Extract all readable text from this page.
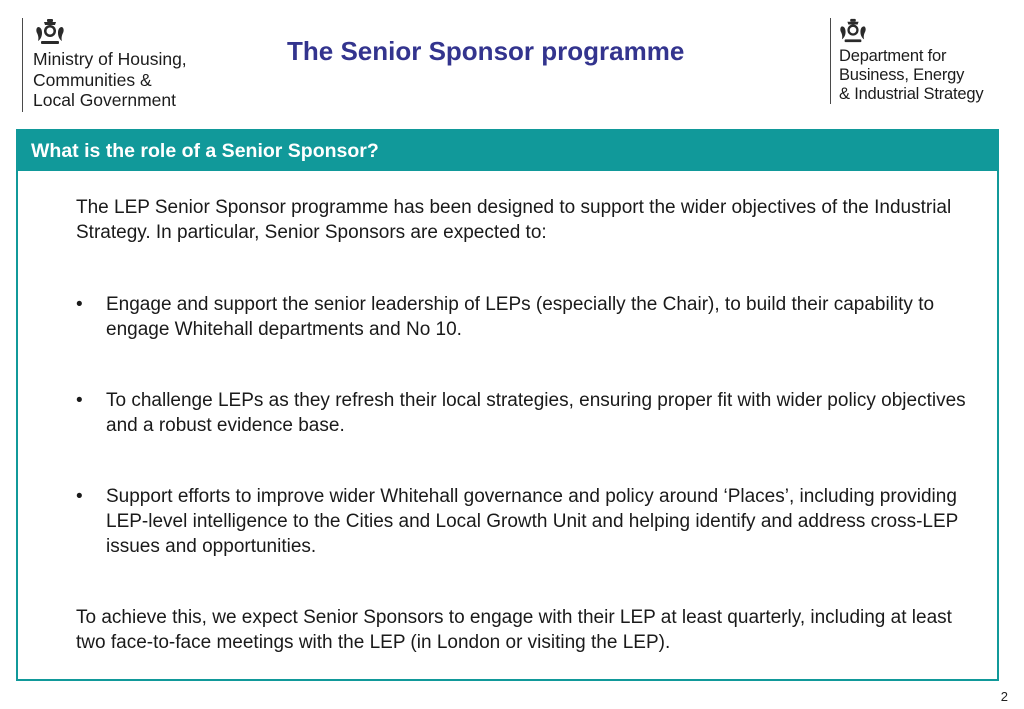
Ministry of Housing,
Communities &
Local Government
The Senior Sponsor programme	Department for
Business, Energy
& Industrial Strategy
What is the role of a Senior Sponsor?

The LEP Senior Sponsor programme has been designed to support the wider objectives of the Industrial Strategy. In particular, Senior Sponsors are expected to:

• Engage and support the senior leadership of LEPs (especially the Chair), to build their capability to engage Whitehall departments and No 10.
• To challenge LEPs as they refresh their local strategies, ensuring proper fit with wider policy objectives and a robust evidence base.
• Support efforts to improve wider Whitehall governance and policy around ‘Places’, including providing LEP-level intelligence to the Cities and Local Growth Unit and helping identify and address cross-LEP issues and opportunities.

To achieve this, we expect Senior Sponsors to engage with their LEP at least quarterly, including at least two face-to-face meetings with the LEP (in London or visiting the LEP).

2
